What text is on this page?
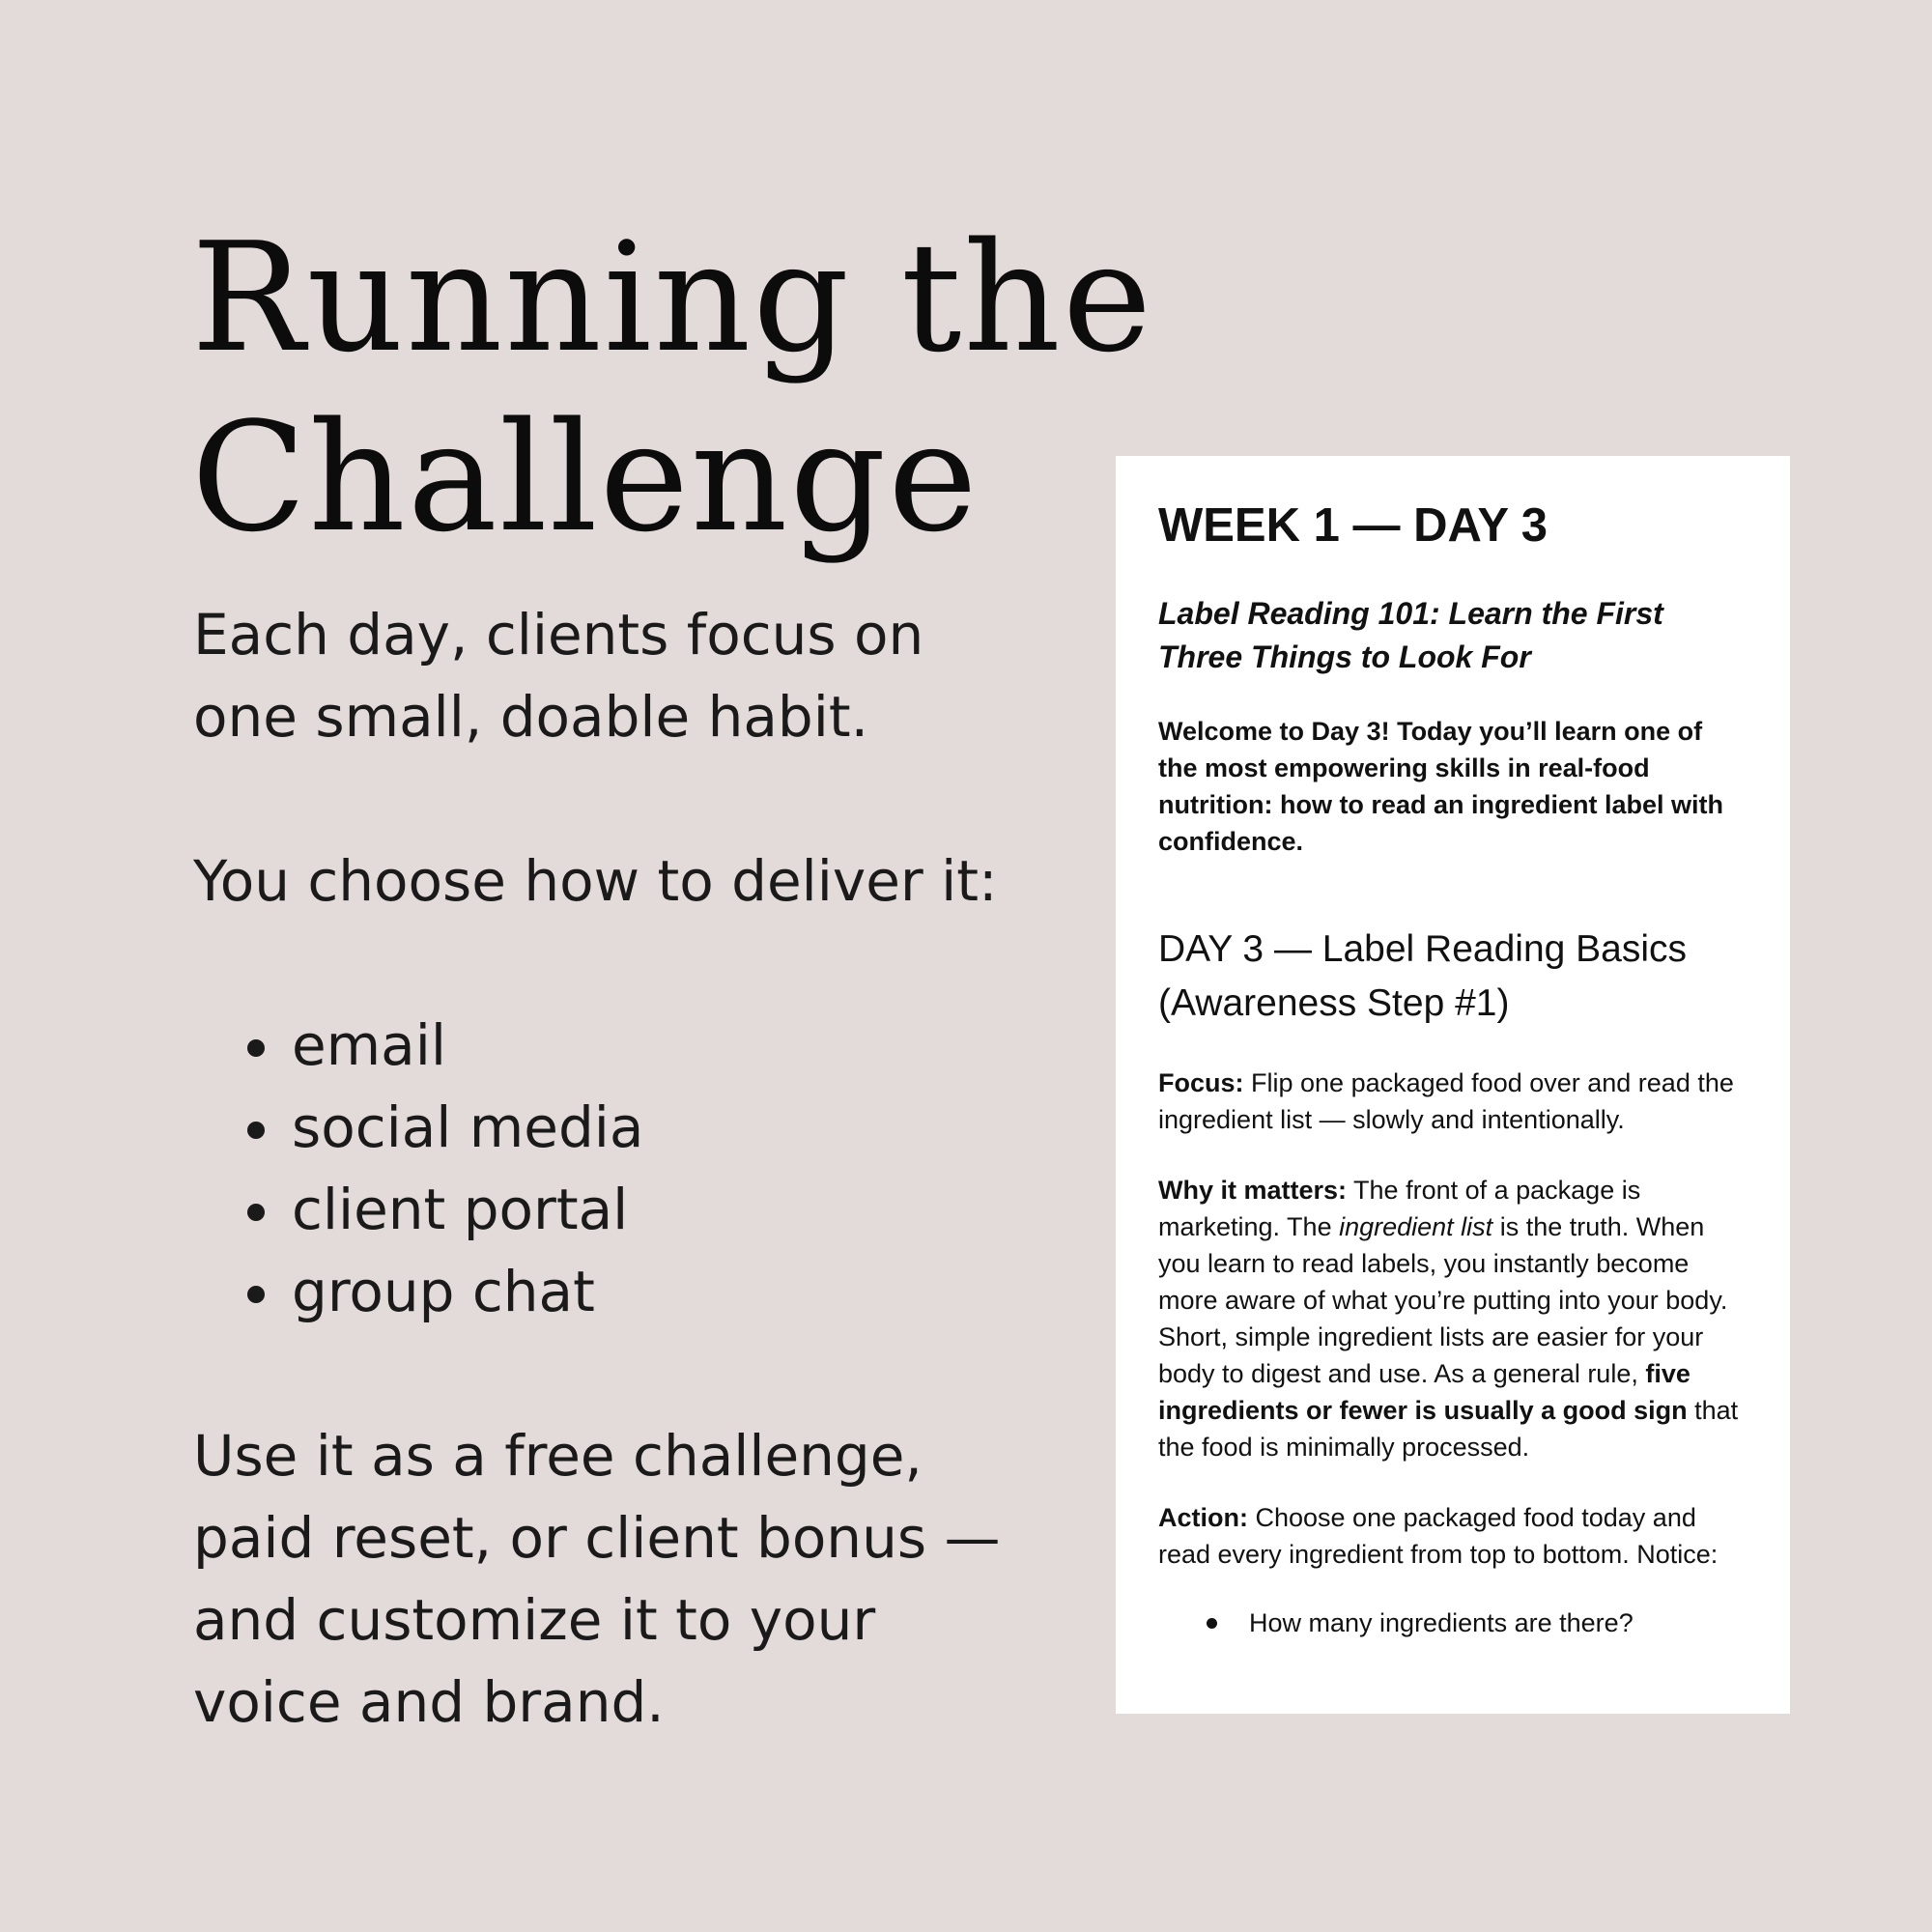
Running the
Challenge

Each day, clients focus on
one small, doable habit.

You choose how to deliver it:

email
social media
client portal
group chat

Use it as a free challenge,
paid reset, or client bonus —
and customize it to your
voice and brand.

WEEK 1 — DAY 3

Label Reading 101: Learn the First Three Things to Look For

Welcome to Day 3! Today you’ll learn one of the most empowering skills in real-food nutrition: how to read an ingredient label with confidence.

DAY 3 — Label Reading Basics (Awareness Step #1)

Focus: Flip one packaged food over and read the ingredient list — slowly and intentionally.

Why it matters: The front of a package is marketing. The ingredient list is the truth. When you learn to read labels, you instantly become more aware of what you’re putting into your body. Short, simple ingredient lists are easier for your body to digest and use. As a general rule, five ingredients or fewer is usually a good sign that the food is minimally processed.

Action: Choose one packaged food today and read every ingredient from top to bottom. Notice:

How many ingredients are there?
